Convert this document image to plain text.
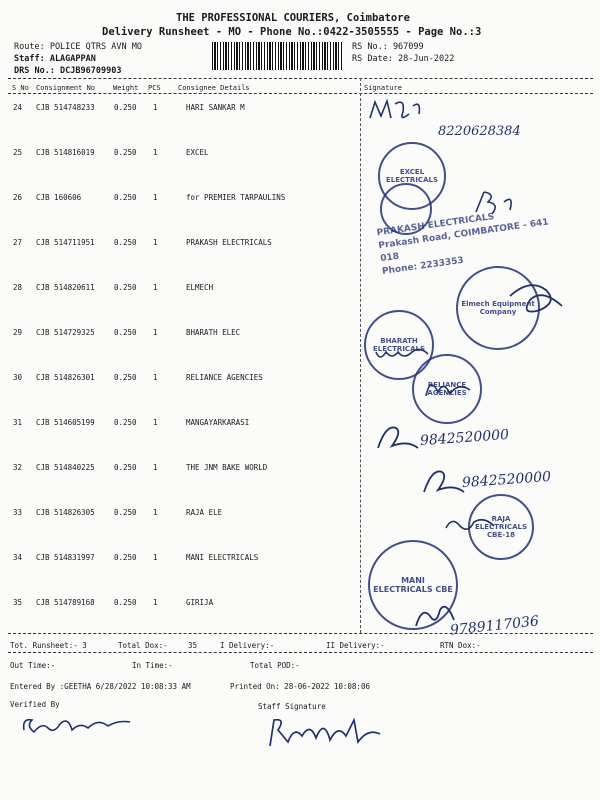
THE PROFESSIONAL COURIERS, Coimbatore
Delivery Runsheet - MO - Phone No.:0422-3505555 - Page No.:3
Route: POLICE QTRS AVN MO
Staff: ALAGAPPAN
DRS No.: DCJB96709903
RS No.: 967099
RS Date: 28-Jun-2022
S No Consignment No	Weight PCS Consignee Details	Signature
24 CJB 514748233	0.250 1	HARI SANKAR M
25 CJB 514816019	0.250 1	EXCEL
26 CJB 160606	0.250 1	for PREMIER TARPAULINS
27 CJB 514711951	0.250 1	PRAKASH ELECTRICALS
28 CJB 514820611	0.250 1	ELMECH
29 CJB 514729325	0.250 1	BHARATH ELEC
30 CJB 514826301	0.250 1	RELIANCE AGENCIES
31 CJB 514605199	0.250 1	MANGAYARKARASI
32 CJB 514840225	0.250 1	THE JNM BAKE WORLD
33 CJB 514826305	0.250 1	RAJA ELE
34 CJB 514831997	0.250 1	MANI ELECTRICALS
35 CJB 514789168	0.250 1	GIRIJA
8220628384
EXCEL ELECTRICALS
PRAKASH ELECTRICALS
Prakash Road, COIMBATORE - 641 018
Phone: 2233353
Elmech Equipment Company
BHARATH ELECTRICALS
RELIANCE AGENCIES
9842520000
9842520000
RAJA ELECTRICALS CBE-18
MANI ELECTRICALS CBE
9789117036
Tot. Runsheet:- 3	Total Dox:-	35	I Delivery:-	II Delivery:-	RTN Dox:-
Out Time:-	In Time:-	Total POD:-
Entered By :GEETHA 6/28/2022 10:08:33 AM	Printed On: 28-06-2022 10:08:06
Verified By	Staff Signature
